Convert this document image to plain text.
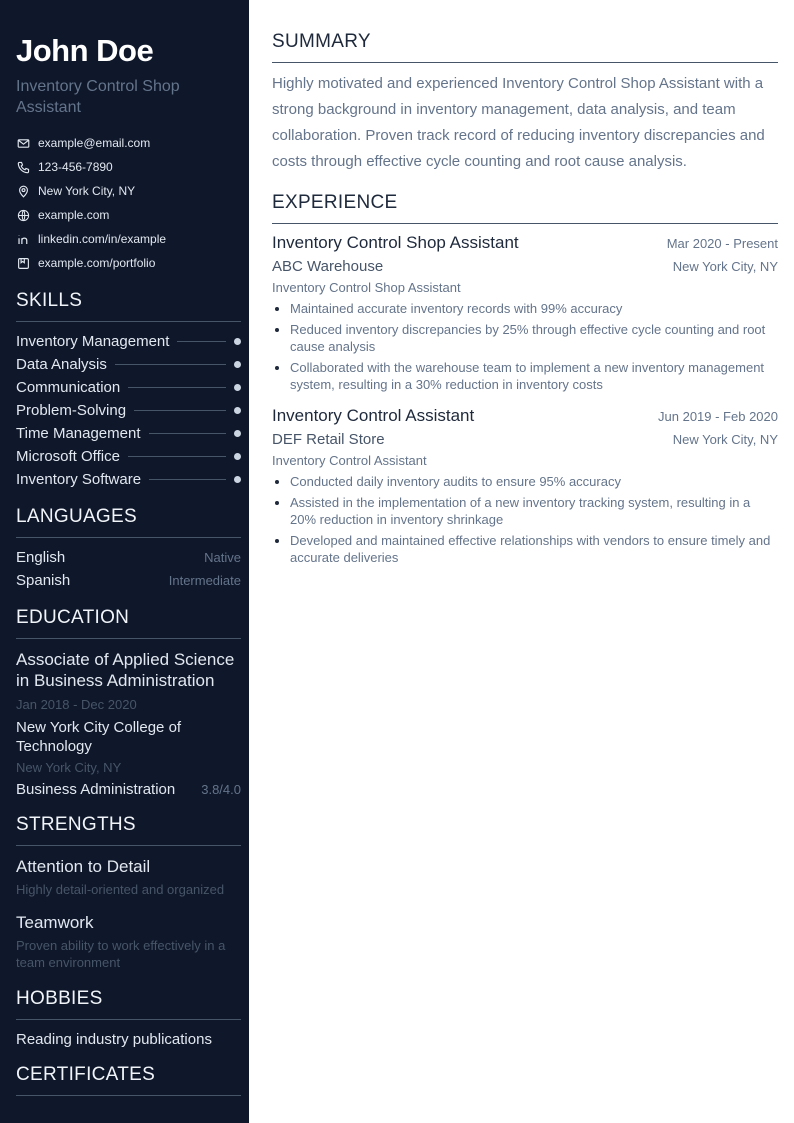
John Doe
Inventory Control Shop Assistant
example@email.com
123-456-7890
New York City, NY
example.com
linkedin.com/in/example
example.com/portfolio
SKILLS
Inventory Management
Data Analysis
Communication
Problem-Solving
Time Management
Microsoft Office
Inventory Software
LANGUAGES
English	Native
Spanish	Intermediate
EDUCATION
Associate of Applied Science in Business Administration
Jan 2018 - Dec 2020
New York City College of Technology
New York City, NY
Business Administration 3.8/4.0
STRENGTHS
Attention to Detail
Highly detail-oriented and organized
Teamwork
Proven ability to work effectively in a team environment
HOBBIES
Reading industry publications
CERTIFICATES
SUMMARY

Highly motivated and experienced Inventory Control Shop Assistant with a strong background in inventory management, data analysis, and team collaboration. Proven track record of reducing inventory discrepancies and costs through effective cycle counting and root cause analysis.

EXPERIENCE
Inventory Control Shop Assistant	Mar 2020 - Present
ABC Warehouse	New York City, NY
Inventory Control Shop Assistant
Maintained accurate inventory records with 99% accuracy
Reduced inventory discrepancies by 25% through effective cycle counting and root cause analysis
Collaborated with the warehouse team to implement a new inventory management system, resulting in a 30% reduction in inventory costs
Inventory Control Assistant	Jun 2019 - Feb 2020
DEF Retail Store	New York City, NY
Inventory Control Assistant
Conducted daily inventory audits to ensure 95% accuracy
Assisted in the implementation of a new inventory tracking system, resulting in a 20% reduction in inventory shrinkage
Developed and maintained effective relationships with vendors to ensure timely and accurate deliveries
